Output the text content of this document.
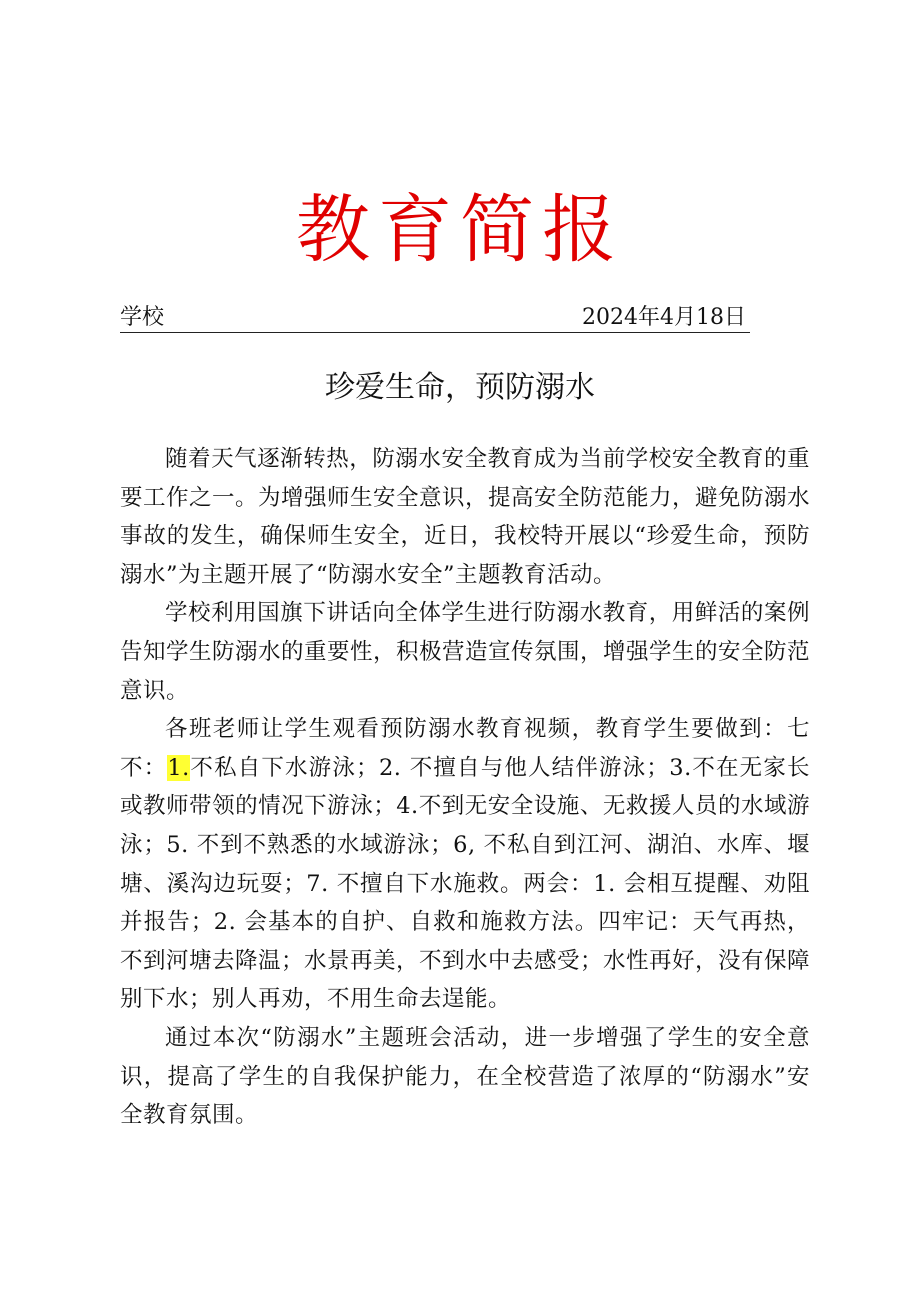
教育简报
学校	2024年4月18日
珍爱生命，预防溺水

随着天气逐渐转热，防溺水安全教育成为当前学校安全教育的重要工作之一。为增强师生安全意识，提高安全防范能力，避免防溺水事故的发生，确保师生安全，近日，我校特开展以“珍爱生命，预防溺水”为主题开展了“防溺水安全”主题教育活动。

学校利用国旗下讲话向全体学生进行防溺水教育，用鲜活的案例告知学生防溺水的重要性，积极营造宣传氛围，增强学生的安全防范意识。

各班老师让学生观看预防溺水教育视频，教育学生要做到：七不：1.不私自下水游泳；2. 不擅自与他人结伴游泳；3.不在无家长或教师带领的情况下游泳；4.不到无安全设施、无救援人员的水域游泳；5. 不到不熟悉的水域游泳；6, 不私自到江河、湖泊、水库、堰塘、溪沟边玩耍；7. 不擅自下水施救。两会：1. 会相互提醒、劝阻并报告；2. 会基本的自护、自救和施救方法。四牢记：天气再热，不到河塘去降温；水景再美，不到水中去感受；水性再好，没有保障别下水；别人再劝，不用生命去逞能。

通过本次“防溺水”主题班会活动，进一步增强了学生的安全意识，提高了学生的自我保护能力，在全校营造了浓厚的“防溺水”安全教育氛围。
